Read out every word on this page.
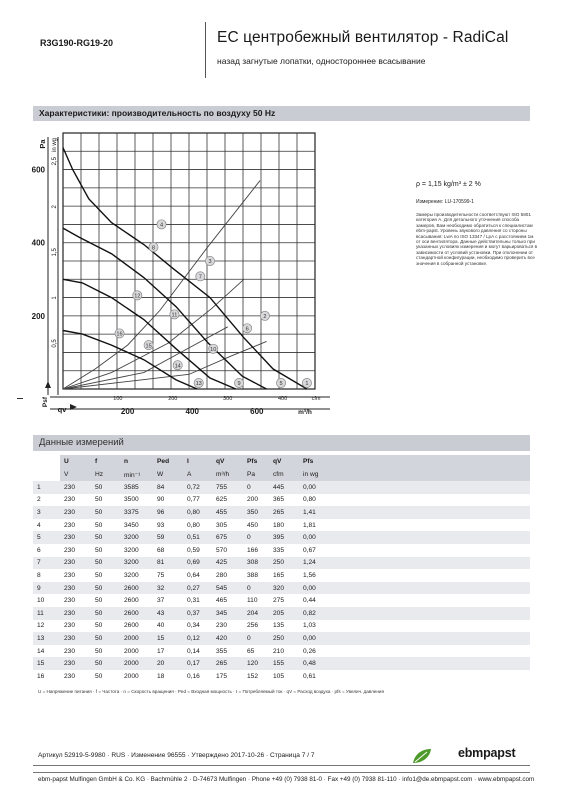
R3G190-RG19-20	EC центробежный вентилятор - RadiCal
назад загнутые лопатки, одностороннее всасывание
Характеристики: производительность по воздуху 50 Hz
1
2
3
4
5
6
7
8
9
10
11
12
13
14
15
16
200
400
600
0,5
1
1,5
2
2,5
200	400	600
100	200	300	400
Pa in wg
Psf
qv	m³/h
cfm
ρ = 1,15 kg/m³ ± 2 %
Измерение: LU-170599-1
Замеры производительности соответствуют ISO 5801 категория A. Для детального уточнения способа замеров, Вам необходимо обратиться к специалистам ebm-papst. Уровень звукового давления со стороны всасывания: LwA по ISO 13347 / LpA с расстоянием 1м от оси вентилятора. Данные действительны только при указанных условиях измерения и могут варьироваться в зависимости от условий установки. При отклонении от стандартной конфигурации, необходимо проверить все значения в собранной установке.
Данные измерений
	U	f	n	Ped	I	qV	Pfs	qV	Pfs
	V	Hz	min⁻¹	W	A	m³/h	Pa	cfm	in wg
1	230	50	3585	84	0,72	755	0	445	0,00
2	230	50	3500	90	0,77	625	200	365	0,80
3	230	50	3375	96	0,80	455	350	265	1,41
4	230	50	3450	93	0,80	305	450	180	1,81
5	230	50	3200	59	0,51	675	0	395	0,00
6	230	50	3200	68	0,59	570	166	335	0,67
7	230	50	3200	81	0,69	425	308	250	1,24
8	230	50	3200	75	0,64	280	388	165	1,56
9	230	50	2600	32	0,27	545	0	320	0,00
10	230	50	2600	37	0,31	465	110	275	0,44
11	230	50	2600	43	0,37	345	204	205	0,82
12	230	50	2600	40	0,34	230	256	135	1,03
13	230	50	2000	15	0,12	420	0	250	0,00
14	230	50	2000	17	0,14	355	65	210	0,26
15	230	50	2000	20	0,17	265	120	155	0,48
16	230	50	2000	18	0,16	175	152	105	0,61
U = Напряжение питания · f = Частота · n = Скорость вращения · Ped = Входная мощность · I = Потребляемый ток · qV = Расход воздуха · pfs = Увелич. давления
Артикул 52919-5-9980 · RUS · Изменение 96555 · Утверждено 2017-10-26 · Страница 7 / 7	ebmpapst
ebm-papst Mulfingen GmbH & Co. KG · Bachmühle 2 · D-74673 Mulfingen · Phone +49 (0) 7938 81-0 · Fax +49 (0) 7938 81-110 · info1@de.ebmpapst.com · www.ebmpapst.com
